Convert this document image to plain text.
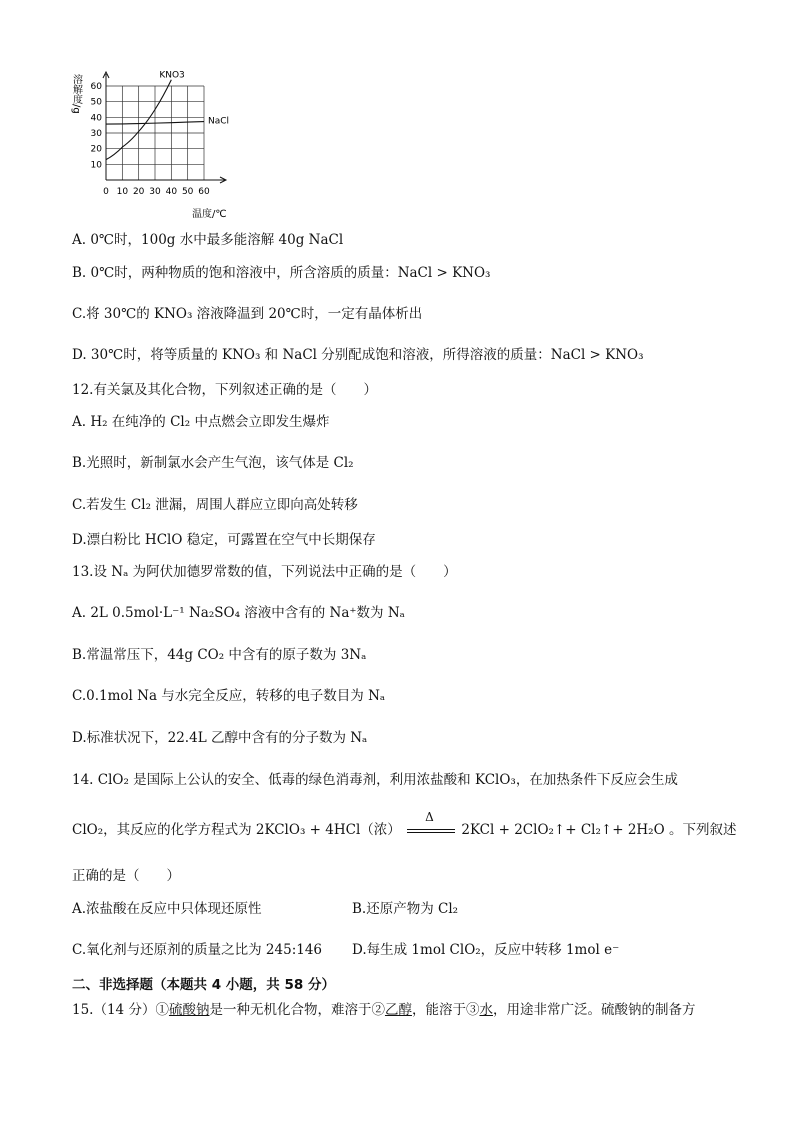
0 10 20 30 40 50 60
10
20
30
40
50
60
KNO3
NaCl
溶解度/g
温度/℃
A. 0℃时，100g 水中最多能溶解 40g NaCl
B. 0℃时，两种物质的饱和溶液中，所含溶质的质量：NaCl > KNO₃
C.将 30℃的 KNO₃ 溶液降温到 20℃时，一定有晶体析出
D. 30℃时，将等质量的 KNO₃ 和 NaCl 分别配成饱和溶液，所得溶液的质量：NaCl > KNO₃
12.有关氯及其化合物，下列叙述正确的是（　　）
A. H₂ 在纯净的 Cl₂ 中点燃会立即发生爆炸
B.光照时，新制氯水会产生气泡，该气体是 Cl₂
C.若发生 Cl₂ 泄漏，周围人群应立即向高处转移
D.漂白粉比 HClO 稳定，可露置在空气中长期保存
13.设 Nₐ 为阿伏加德罗常数的值，下列说法中正确的是（　　）
A. 2L 0.5mol·L⁻¹ Na₂SO₄ 溶液中含有的 Na⁺数为 Nₐ
B.常温常压下，44g CO₂ 中含有的原子数为 3Nₐ
C.0.1mol Na 与水完全反应，转移的电子数目为 Nₐ
D.标准状况下，22.4L 乙醇中含有的分子数为 Nₐ
14. ClO₂ 是国际上公认的安全、低毒的绿色消毒剂，利用浓盐酸和 KClO₃，在加热条件下反应会生成
ClO₂，其反应的化学方程式为 2KClO₃ + 4HCl（浓）
Δ
2KCl + 2ClO₂↑+ Cl₂↑+ 2H₂O 。下列叙述
正确的是（　　）
A.浓盐酸在反应中只体现还原性	B.还原产物为 Cl₂
C.氧化剂与还原剂的质量之比为 245:146 D.每生成 1mol ClO₂，反应中转移 1mol e⁻
二、非选择题（本题共 4 小题，共 58 分）
15.（14 分）①硫酸钠是一种无机化合物，难溶于②乙醇，能溶于③水，用途非常广泛。硫酸钠的制备方
